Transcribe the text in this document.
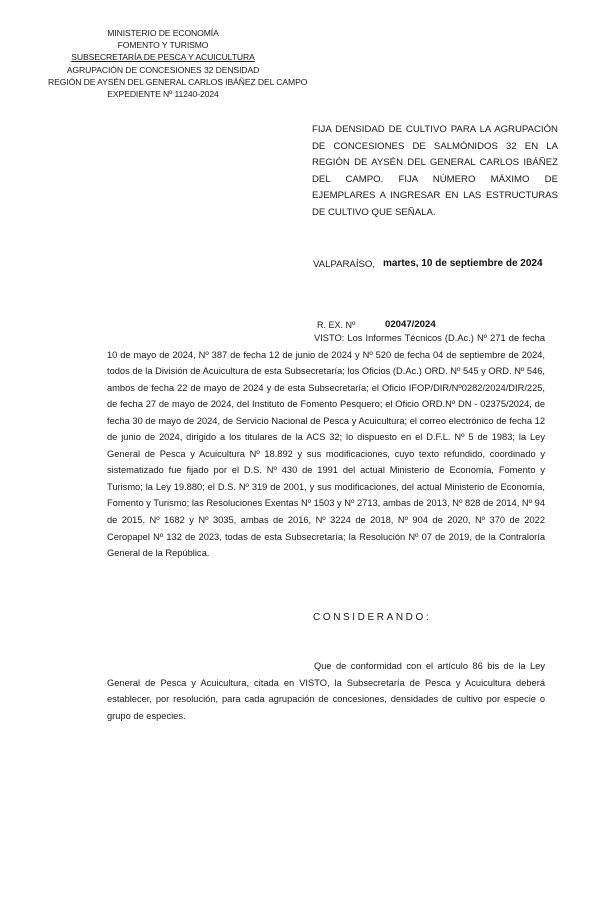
MINISTERIO DE ECONOMÍA
FOMENTO Y TURISMO
SUBSECRETARÍA DE PESCA Y ACUICULTURA
AGRUPACIÓN DE CONCESIONES 32 DENSIDAD
REGIÓN DE AYSÉN DEL GENERAL CARLOS IBÁÑEZ DEL CAMPO
EXPEDIENTE Nº 11240-2024
FIJA DENSIDAD DE CULTIVO PARA LA AGRUPACIÓN DE CONCESIONES DE SALMÓNIDOS 32 EN LA REGIÓN DE AYSÉN DEL GENERAL CARLOS IBÁÑEZ DEL CAMPO. FIJA NÚMERO MÁXIMO DE EJEMPLARES A INGRESAR EN LAS ESTRUCTURAS DE CULTIVO QUE SEÑALA.
VALPARAÍSO, martes, 10 de septiembre de 2024
R. EX. Nº	02047/2024
VISTO: Los Informes Técnicos (D.Ac.) Nº 271 de fecha 10 de mayo de 2024, Nº 387 de fecha 12 de junio de 2024 y Nº 520 de fecha 04 de septiembre de 2024, todos de la División de Acuicultura de esta Subsecretaría; los Oficios (D.Ac.) ORD. Nº 545 y ORD. Nº 546, ambos de fecha 22 de mayo de 2024 y de esta Subsecretaría; el Oficio IFOP/DIR/Nº0282/2024/DIR/225, de fecha 27 de mayo de 2024, del Instituto de Fomento Pesquero; el Oficio ORD.Nº DN - 02375/2024, de fecha 30 de mayo de 2024, de Servicio Nacional de Pesca y Acuicultura; el correo electrónico de fecha 12 de junio de 2024, dirigido a los titulares de la ACS 32; lo dispuesto en el D.F.L. Nº 5 de 1983; la Ley General de Pesca y Acuicultura Nº 18.892 y sus modificaciones, cuyo texto refundido, coordinado y sistematizado fue fijado por el D.S. Nº 430 de 1991 del actual Ministerio de Economía, Fomento y Turismo; la Ley 19.880; el D.S. Nº 319 de 2001, y sus modificaciones, del actual Ministerio de Economía, Fomento y Turismo; las Resoluciones Exentas Nº 1503 y Nº 2713, ambas de 2013, Nº 828 de 2014, Nº 94 de 2015, Nº 1682 y Nº 3035, ambas de 2016, Nº 3224 de 2018, Nº 904 de 2020, Nº 370 de 2022 Ceropapel Nº 132 de 2023, todas de esta Subsecretaría; la Resolución Nº 07 de 2019, de la Contraloría General de la República.
CONSIDERANDO:
Que de conformidad con el artículo 86 bis de la Ley General de Pesca y Acuicultura, citada en VISTO, la Subsecretaría de Pesca y Acuicultura deberá establecer, por resolución, para cada agrupación de concesiones, densidades de cultivo por especie o grupo de especies.
